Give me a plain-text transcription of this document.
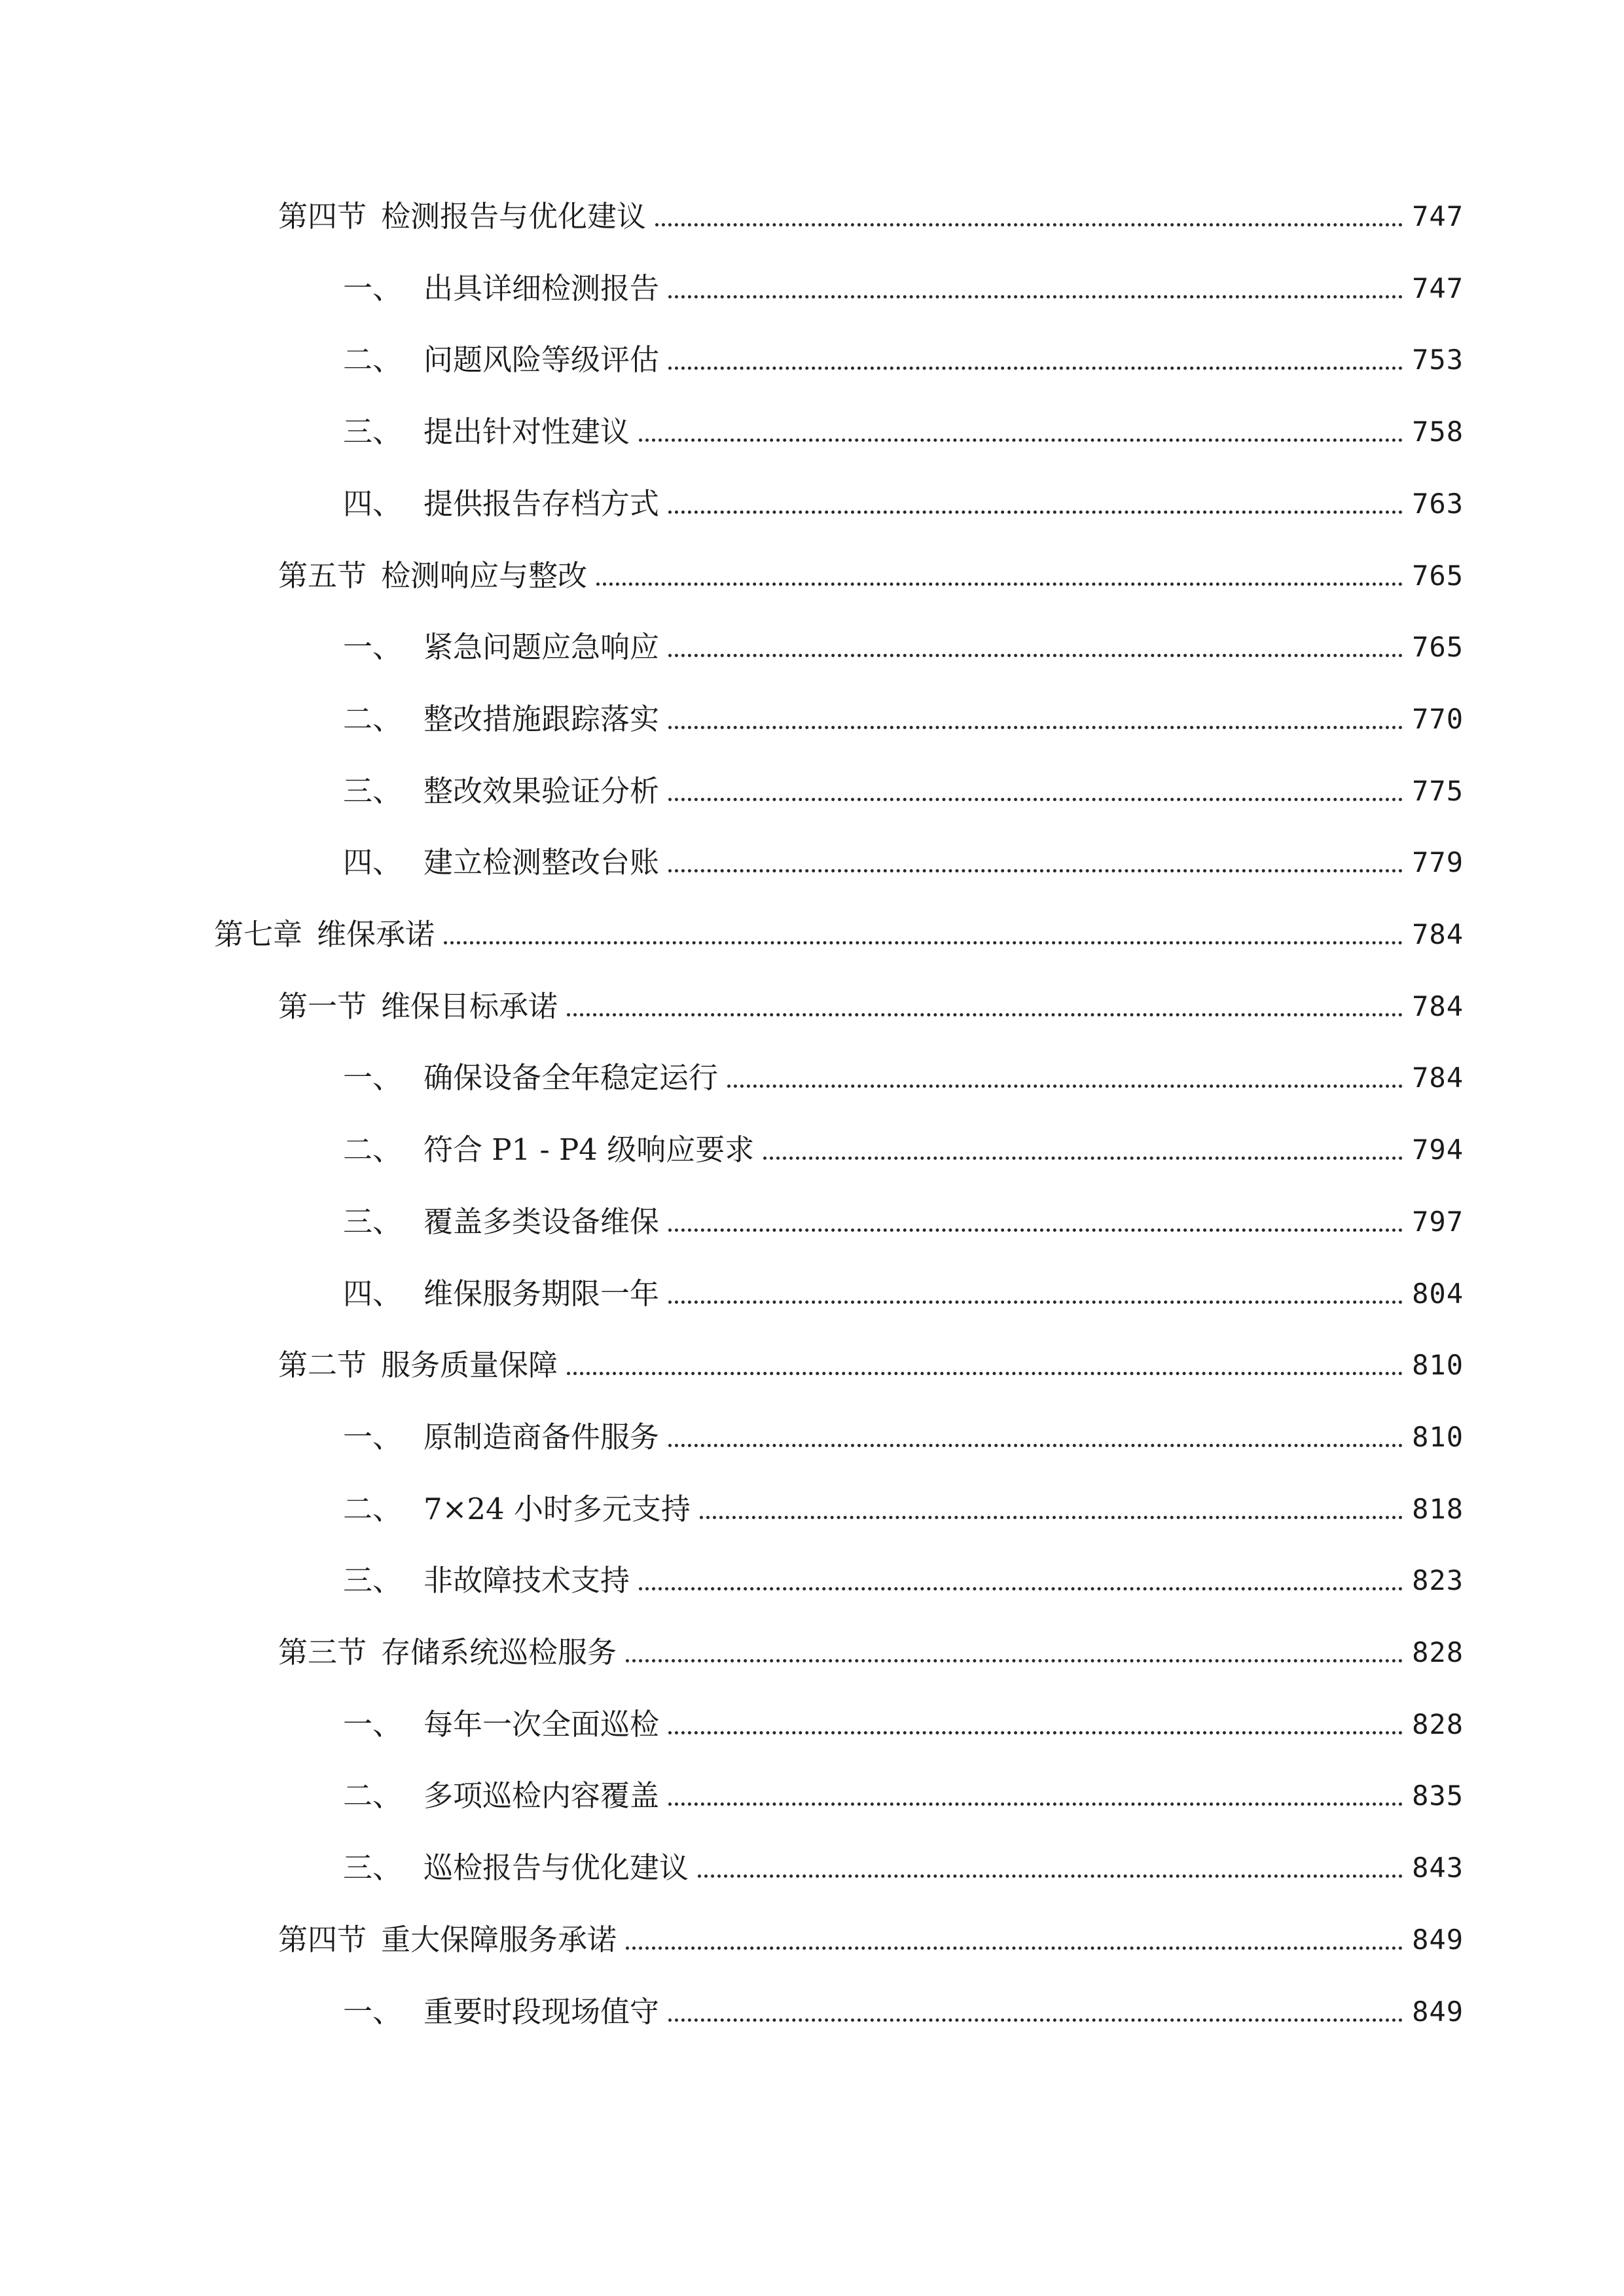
第四节 检测报告与优化建议	747
一、 出具详细检测报告	747
二、 问题风险等级评估	753
三、 提出针对性建议	758
四、 提供报告存档方式	763
第五节 检测响应与整改	765
一、 紧急问题应急响应	765
二、 整改措施跟踪落实	770
三、 整改效果验证分析	775
四、 建立检测整改台账	779
第七章 维保承诺	784
第一节 维保目标承诺	784
一、 确保设备全年稳定运行	784
二、 符合 P1 - P4 级响应要求	794
三、 覆盖多类设备维保	797
四、 维保服务期限一年	804
第二节 服务质量保障	810
一、 原制造商备件服务	810
二、 7×24 小时多元支持	818
三、 非故障技术支持	823
第三节 存储系统巡检服务	828
一、 每年一次全面巡检	828
二、 多项巡检内容覆盖	835
三、 巡检报告与优化建议	843
第四节 重大保障服务承诺	849
一、 重要时段现场值守	849
